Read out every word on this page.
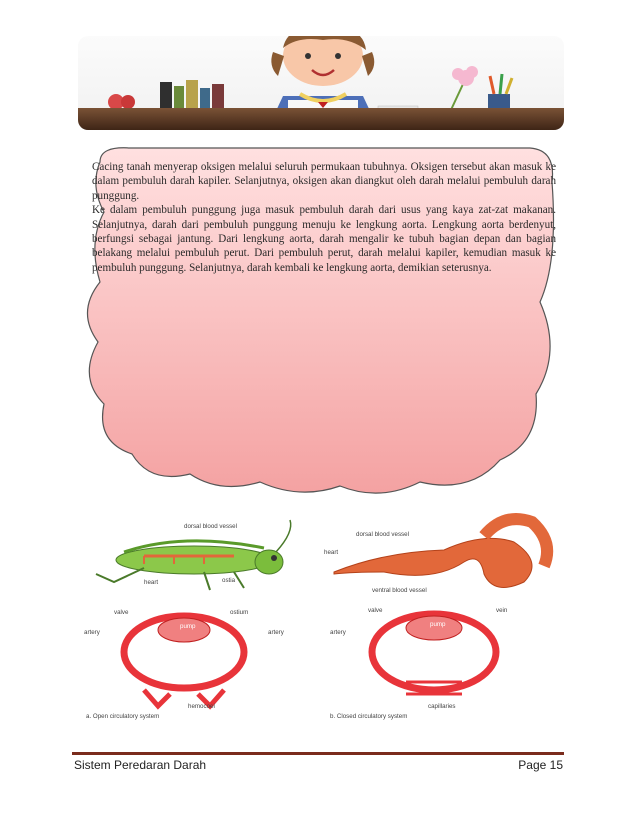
Cacing tanah menyerap oksigen melalui seluruh permukaan tubuhnya. Oksigen tersebut akan masuk ke dalam pembuluh darah kapiler. Selanjutnya, oksigen akan diangkut oleh darah melalui pembuluh darah punggung.

Ke dalam pembuluh punggung juga masuk pembuluh darah dari usus yang kaya zat-zat makanan. Selanjutnya, darah dari pembuluh punggung menuju ke lengkung aorta. Lengkung aorta berdenyut, berfungsi sebagai jantung. Dari lengkung aorta, darah mengalir ke tubuh bagian depan dan bagian belakang melalui pembuluh perut. Dari pembuluh perut, darah melalui kapiler, kemudian masuk ke pembuluh punggung. Selanjutnya, darah kembali ke lengkung aorta, demikian seterusnya.

dorsal blood vessel
heart	ostia
pump
valve	ostium
artery	artery
hemocoel
a. Open circulatory system
dorsal blood vessel
heart
ventral blood vessel
pump
valve	vein
artery
capillaries
b. Closed circulatory system
Sistem Peredaran Darah	Page 15
